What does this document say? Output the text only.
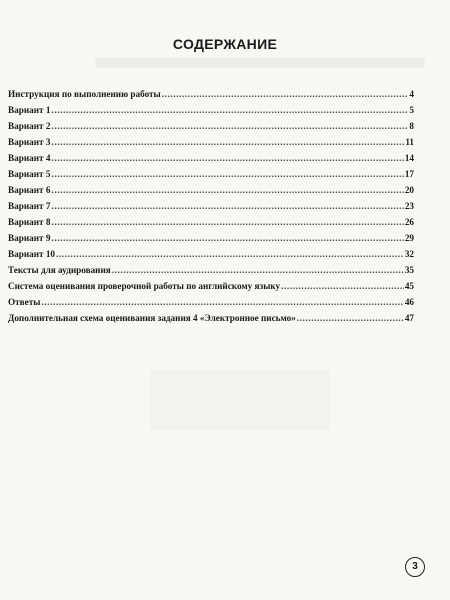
СОДЕРЖАНИЕ
Инструкция по выполнению работы .....	4
Вариант 1 .....	5
Вариант 2 .....	8
Вариант 3 .....	11
Вариант 4 .....	14
Вариант 5 .....	17
Вариант 6 .....	20
Вариант 7 .....	23
Вариант 8 .....	26
Вариант 9 .....	29
Вариант 10 .....	32
Тексты для аудирования .....	35
Система оценивания проверочной работы по английскому языку .....	45
Ответы .....	46
Дополнительная схема оценивания задания 4 «Электронное письмо» .....	47
3
